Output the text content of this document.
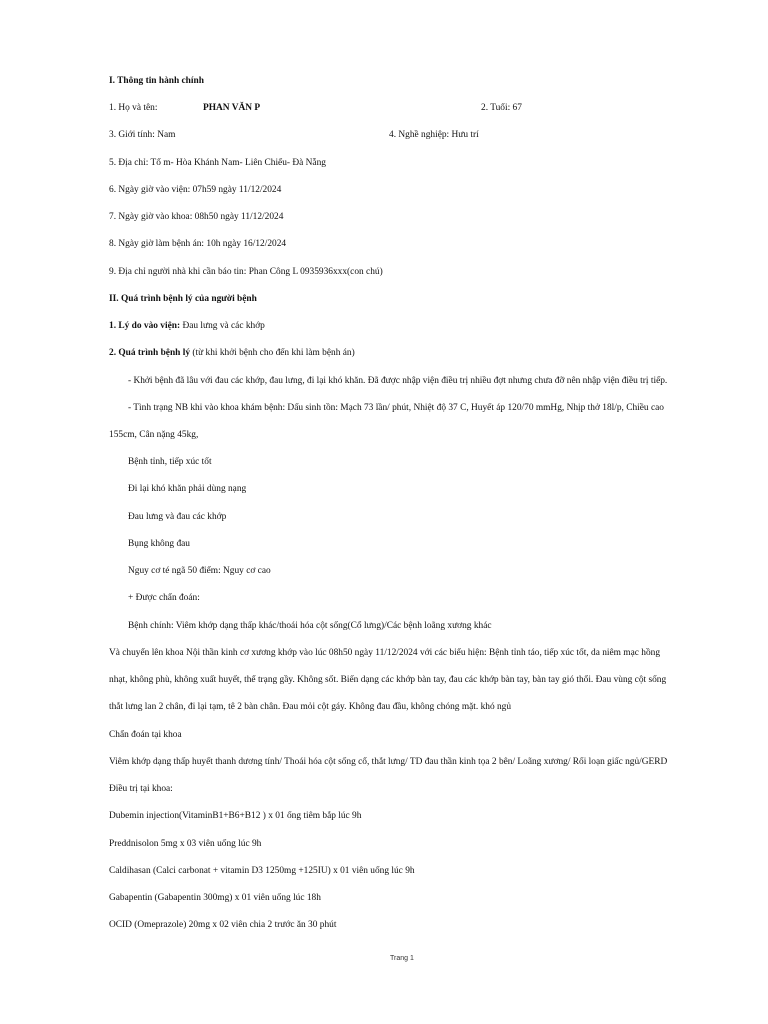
I. Thông tin hành chính
1. Họ và tên:	PHAN VĂN P	2. Tuổi: 67
3. Giới tính: Nam	4. Nghề nghiệp: Hưu trí
5. Địa chỉ: Tổ m- Hòa Khánh Nam- Liên Chiểu- Đà Nẵng
6. Ngày giờ vào viện: 07h59 ngày 11/12/2024
7. Ngày giờ vào khoa: 08h50 ngày 11/12/2024
8. Ngày giờ làm bệnh án: 10h ngày 16/12/2024
9. Địa chỉ người nhà khi cần báo tin: Phan Công L 0935936xxx(con chú)
II. Quá trình bệnh lý của người bệnh
1. Lý do vào viện: Đau lưng và các khớp
2. Quá trình bệnh lý (từ khi khởi bệnh cho đến khi làm bệnh án)
- Khởi bệnh đã lâu với đau các khớp, đau lưng, đi lại khó khăn. Đã được nhập viện điều trị nhiều đợt nhưng chưa đỡ nên nhập viện điều trị tiếp.
- Tình trạng NB khi vào khoa khám bệnh: Dấu sinh tồn: Mạch 73 lần/ phút, Nhiệt độ 37 C, Huyết áp 120/70 mmHg, Nhịp thở 18l/p, Chiều cao
155cm, Cân nặng 45kg,
Bệnh tỉnh, tiếp xúc tốt
Đi lại khó khăn phải dùng nạng
Đau lưng và đau các khớp
Bụng không đau
Nguy cơ té ngã 50 điểm: Nguy cơ cao
+ Được chẩn đoán:
Bệnh chính: Viêm khớp dạng thấp khác/thoái hóa cột sống(Cổ lưng)/Các bệnh loãng xương khác
Và chuyển lên khoa Nội thần kinh cơ xương khớp vào lúc 08h50 ngày 11/12/2024 với các biểu hiện: Bệnh tỉnh táo, tiếp xúc tốt, da niêm mạc hồng
nhạt, không phù, không xuất huyết, thể trạng gầy. Không sốt. Biến dạng các khớp bàn tay, đau các khớp bàn tay, bàn tay gió thổi. Đau vùng cột sống
thắt lưng lan 2 chân, đi lại tạm, tê 2 bàn chân. Đau mỏi cột gáy. Không đau đầu, không chóng mặt. khó ngủ
Chẩn đoán tại khoa
Viêm khớp dạng thấp huyết thanh dương tính/ Thoái hóa cột sống cổ, thắt lưng/ TD đau thần kinh tọa 2 bên/ Loãng xương/ Rối loạn giấc ngủ/GERD
Điều trị tại khoa:
Dubemin injection(VitaminB1+B6+B12 ) x 01 ống tiêm bắp lúc 9h
Preddnisolon 5mg x 03 viên uống lúc 9h
Caldihasan (Calci carbonat + vitamin D3 1250mg +125IU) x 01 viên uống lúc 9h
Gabapentin (Gabapentin 300mg) x 01 viên uống lúc 18h
OCID (Omeprazole) 20mg x 02 viên chia 2 trước ăn 30 phút
Trang 1
